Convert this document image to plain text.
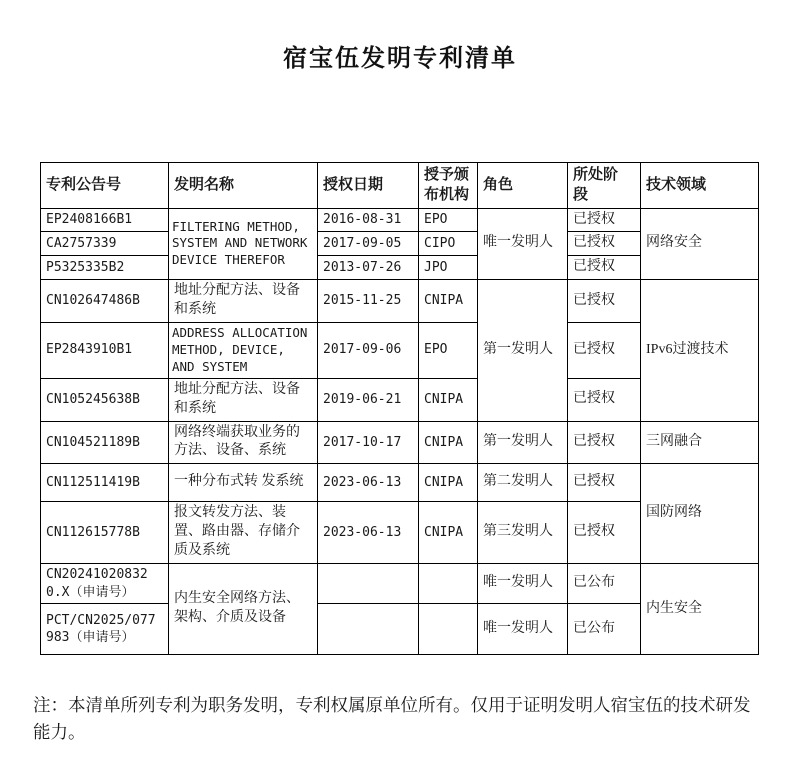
宿宝伍发明专利清单
专利公告号	发明名称	授权日期	授予颁布机构	角色	所处阶段	技术领域
EP2408166B1	FILTERING METHOD, SYSTEM AND NETWORK DEVICE THEREFOR	2016-08-31	EPO	唯一发明人	已授权	网络安全
CA2757339		2017-09-05	CIPO		已授权	
P5325335B2		2013-07-26	JPO		已授权	
CN102647486B	地址分配方法、设备和系统	2015-11-25	CNIPA	第一发明人	已授权	IPv6过渡技术
EP2843910B1	ADDRESS ALLOCATION METHOD, DEVICE, AND SYSTEM	2017-09-06	EPO		已授权	
CN105245638B	地址分配方法、设备和系统	2019-06-21	CNIPA		已授权	
CN104521189B	网络终端获取业务的方法、设备、系统	2017-10-17	CNIPA	第一发明人	已授权	三网融合
CN112511419B	一种分布式转 发系统	2023-06-13	CNIPA	第二发明人	已授权	国防网络
CN112615778B	报文转发方法、装置、路由器、存储介质及系统	2023-06-13	CNIPA	第三发明人	已授权	
CN202410208320.X（申请号）	内生安全网络方法、架构、介质及设备			唯一发明人	已公布	内生安全
PCT/CN2025/077983（申请号）				唯一发明人	已公布	
注：本清单所列专利为职务发明，专利权属原单位所有。仅用于证明发明人宿宝伍的技术研发能力。
